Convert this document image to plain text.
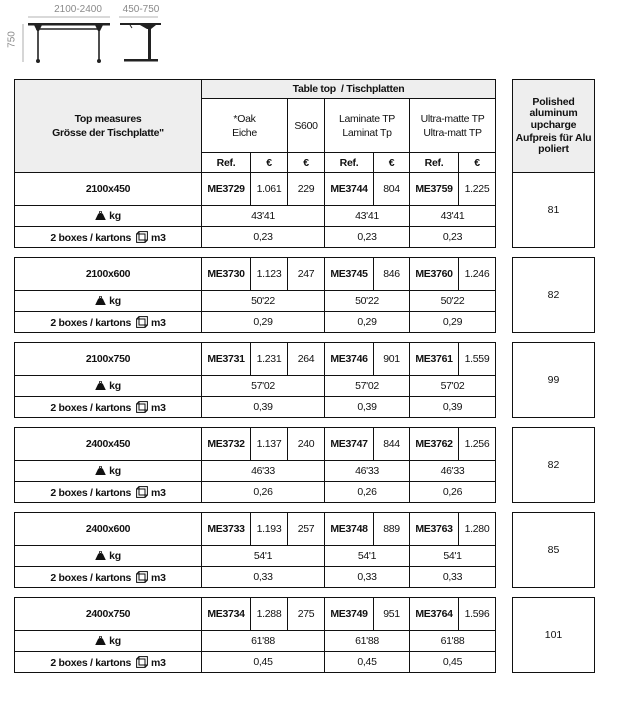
2100-2400	450-750
750
Top measures
Grösse der Tischplatte"	Table top  / Tischplatten						

	*Oak
Eiche		S600	Laminate TP
Laminat Tp		Ultra-matte TP
Ultra-matt TP	

	Ref.	€	€	Ref.	€	Ref.	€
Polished
aluminum
upcharge
Aufpreis für Alu
poliert
2100x450	ME3729	1.061	229	ME3744	804	ME3759	1.225
kg	43'41			43'41		43'41	
2 boxes / kartons m3	0,23			0,23		0,23	
81
2100x600	ME3730	1.123	247	ME3745	846	ME3760	1.246
kg	50'22			50'22		50'22	
2 boxes / kartons m3	0,29			0,29		0,29	
82
2100x750	ME3731	1.231	264	ME3746	901	ME3761	1.559
kg	57'02			57'02		57'02	
2 boxes / kartons m3	0,39			0,39		0,39	
99
2400x450	ME3732	1.137	240	ME3747	844	ME3762	1.256
kg	46'33			46'33		46'33	
2 boxes / kartons m3	0,26			0,26		0,26	
82
2400x600	ME3733	1.193	257	ME3748	889	ME3763	1.280
kg	54'1			54'1		54'1	
2 boxes / kartons m3	0,33			0,33		0,33	
85
2400x750	ME3734	1.288	275	ME3749	951	ME3764	1.596
kg	61'88			61'88		61'88	
2 boxes / kartons m3	0,45			0,45		0,45	
101
